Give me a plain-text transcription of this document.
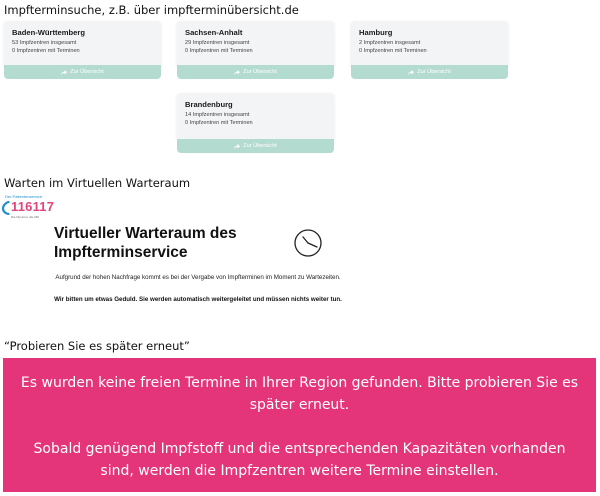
Impfterminsuche, z.B. über impfterminübersicht.de
Baden-Württemberg
53 Impfzentren insgesamt
0 Impfzentren mit Terminen
Zur Übersicht
Sachsen-Anhalt
29 Impfzentren insgesamt
0 Impfzentren mit Terminen
Zur Übersicht
Hamburg
2 Impfzentren insgesamt
0 Impfzentren mit Terminen
Zur Übersicht
Brandenburg
14 Impfzentren insgesamt
0 Impfzentren mit Terminen
Zur Übersicht
Warten im Virtuellen Warteraum
Der Patientenservice
116117
Die Nummer, die hilft
Virtueller Warteraum des Impfterminservice
Aufgrund der hohen Nachfrage kommt es bei der Vergabe von Impfterminen im Moment zu Wartezeiten.
Wir bitten um etwas Geduld. Sie werden automatisch weitergeleitet und müssen nichts weiter tun.
“Probieren Sie es später erneut”

Es wurden keine freien Termine in Ihrer Region gefunden. Bitte probieren Sie es später erneut.

Sobald genügend Impfstoff und die entsprechenden Kapazitäten vorhanden sind, werden die Impfzentren weitere Termine einstellen.
